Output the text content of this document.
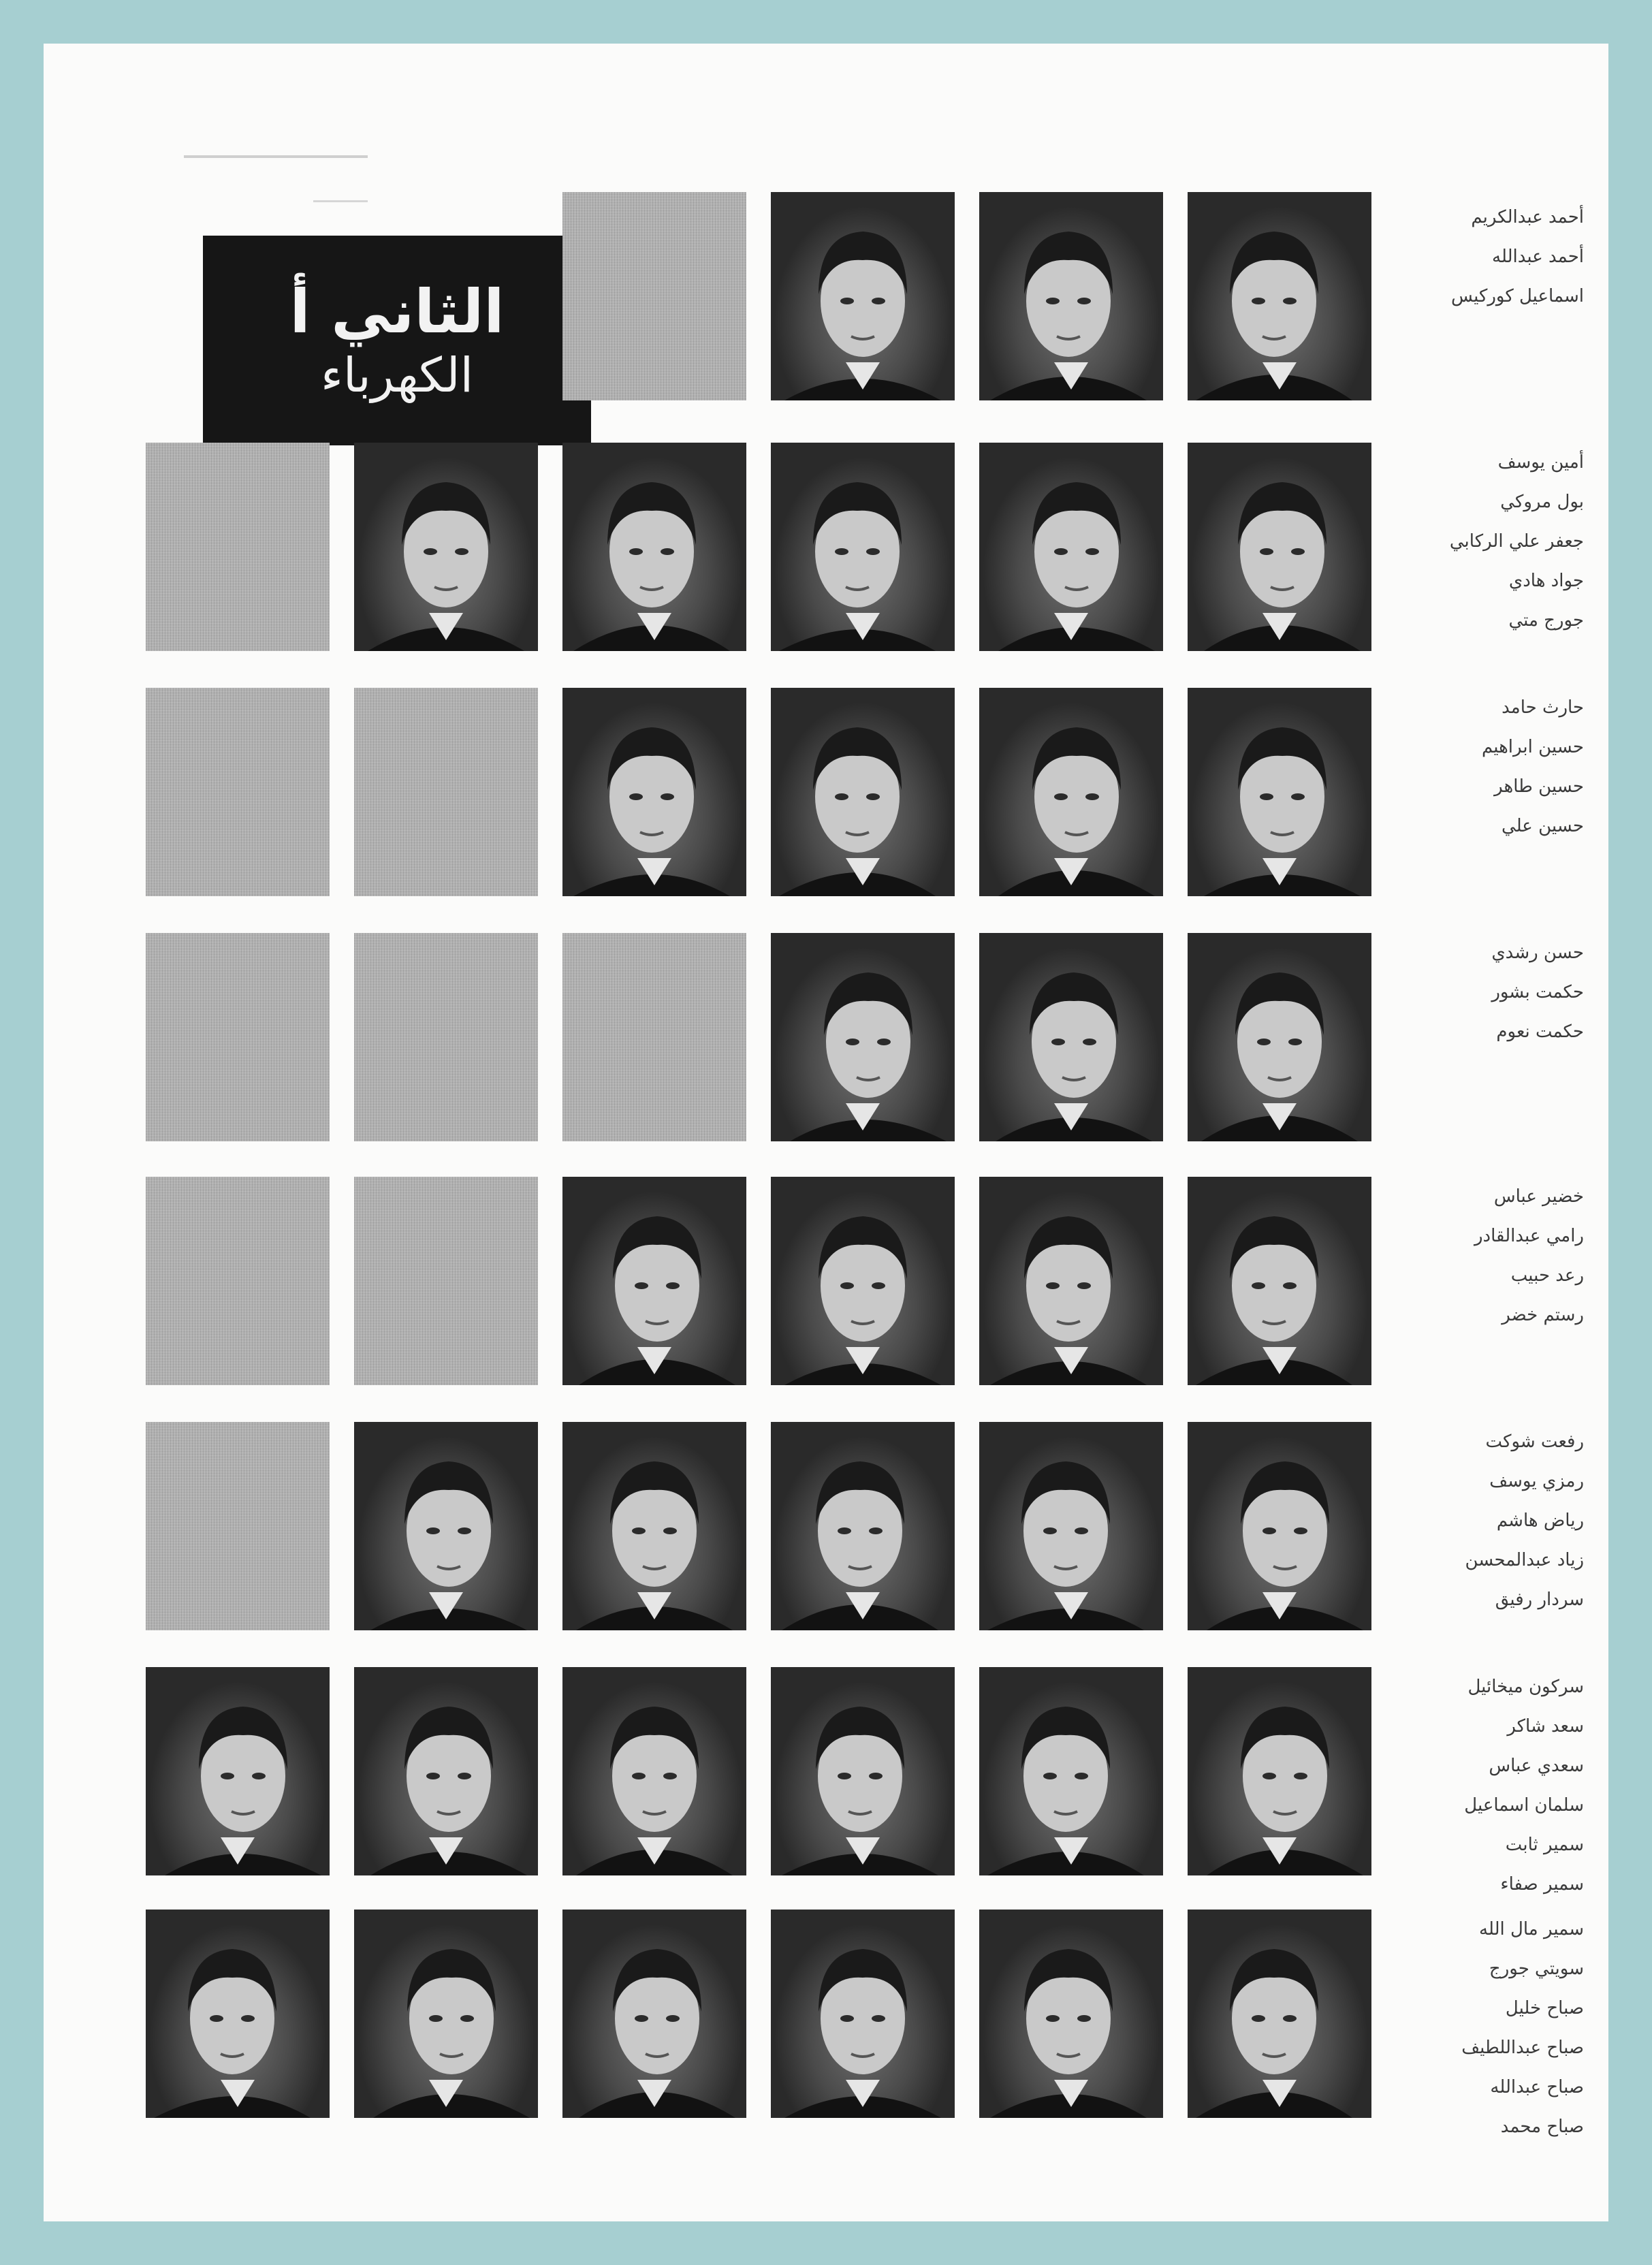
الثاني أ
الكهرباء
أحمد عبدالكريم
أحمد عبدالله
اسماعيل كوركيس
أمين يوسف
بول مروكي
جعفر علي الركابي
جواد هادي
جورج متي
حارث حامد
حسين ابراهيم
حسين طاهر
حسين علي
حسن رشدي
حكمت بشور
حكمت نعوم
خضير عباس
رامي عبدالقادر
رعد حبيب
رستم خضر
رفعت شوكت
رمزي يوسف
رياض هاشم
زياد عبدالمحسن
سردار رفيق
سركون ميخائيل
سعد شاكر
سعدي عباس
سلمان اسماعيل
سمير ثابت
سمير صفاء
سمير مال الله
سويتي جورج
صباح خليل
صباح عبداللطيف
صباح عبدالله
صباح محمد
